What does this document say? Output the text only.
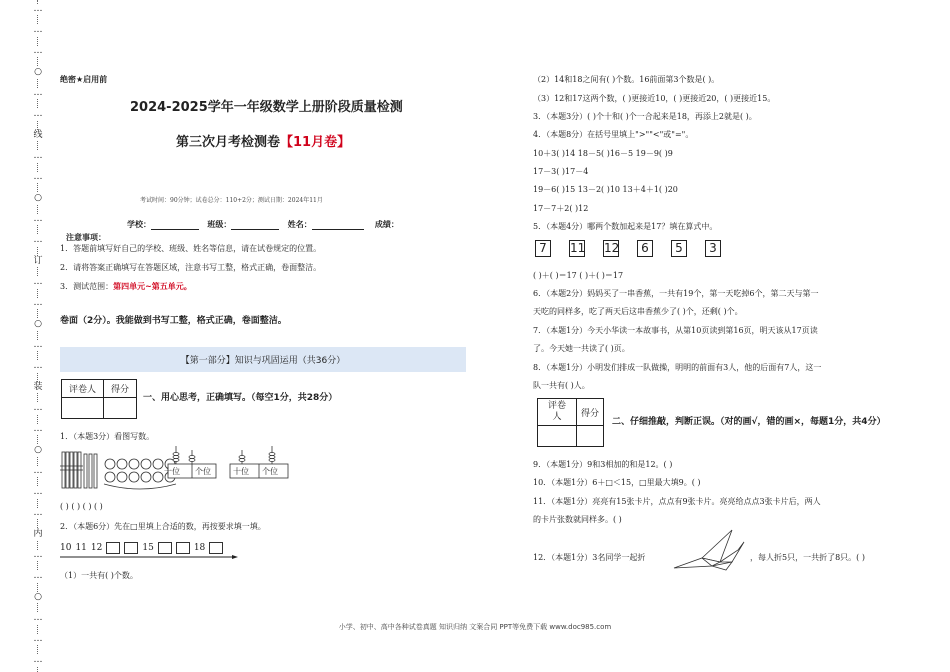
…
…
…
○
…
…
线
…
…
○
…
…
订
…
…
○
…
…
装
…
…
○
…
…
…
内
…
…
○
…
…
…
绝密★启用前
2024-2025学年一年级数学上册阶段质量检测
第三次月考检测卷【11月卷】
考试时间：90分钟；试卷总分：110+2分；测试日期：2024年11月
学校：	班级：	姓名：	成绩：
注意事项：
1．答题前填写好自己的学校、班级、姓名等信息，请在试卷规定的位置。
2．请将答案正确填写在答题区域，注意书写工整，格式正确，卷面整洁。
3．测试范围：第四单元~第五单元。
卷面（2分）。我能做到书写工整，格式正确，卷面整洁。
【第一部分】知识与巩固运用（共36分）
评卷人	得分

一、用心思考，正确填写。（每空1分，共28分）
1．（本题3分）看图写数。
十位 个位	十位 个位
( ) ( ) ( ) ( )
2．（本题6分）先在□里填上合适的数，再按要求填一填。
10 11 12	15	18
（1）一共有( )个数。
（2）14和18之间有( )个数。16前面第3个数是( )。
（3）12和17这两个数，( )更接近10，( )更接近20，( )更接近15。
3．（本题3分）( )个十和( )个一合起来是18，再添上2就是( )。
4．（本题8分）在括号里填上">""<"或"="。
10＋3( )14 18－5( )16－5 19－9( )9
17－3( )17－4
19－6( )15 13－2( )10 13＋4＋1( )20
17－7＋2( )12
5．（本题4分）哪两个数加起来是17？填在算式中。
7	11 12	6	5	3
( )＋( )＝17 ( )＋( )＝17
6．（本题2分）妈妈买了一串香蕉，一共有19个，第一天吃掉6个，第二天与第一
天吃的同样多，吃了两天后这串香蕉少了( )个，还剩( )个。
7．（本题1分）今天小华读一本故事书，从第10页读到第16页，明天该从17页读
了。今天她一共读了( )页。
8．（本题1分）小明发们排成一队做操，明明的前面有3人，他的后面有7人，这一
队一共有( )人。
评卷
人	得分

二、仔细推敲，判断正误。（对的画√，错的画×，每题1分，共4分）
9．（本题1分）9和3相加的和是12。( )
10．（本题1分）6＋□＜15，□里最大填9。( )
11．（本题1分）亮亮有15张卡片，点点有9张卡片。亮亮给点点3张卡片后，两人
的卡片张数就同样多。( )
12．（本题1分）3名同学一起折	，每人折5只，一共折了8只。( )
小学、初中、高中各种试卷真题 知识归纳 文案合同 PPT等免费下载 www.doc985.com
